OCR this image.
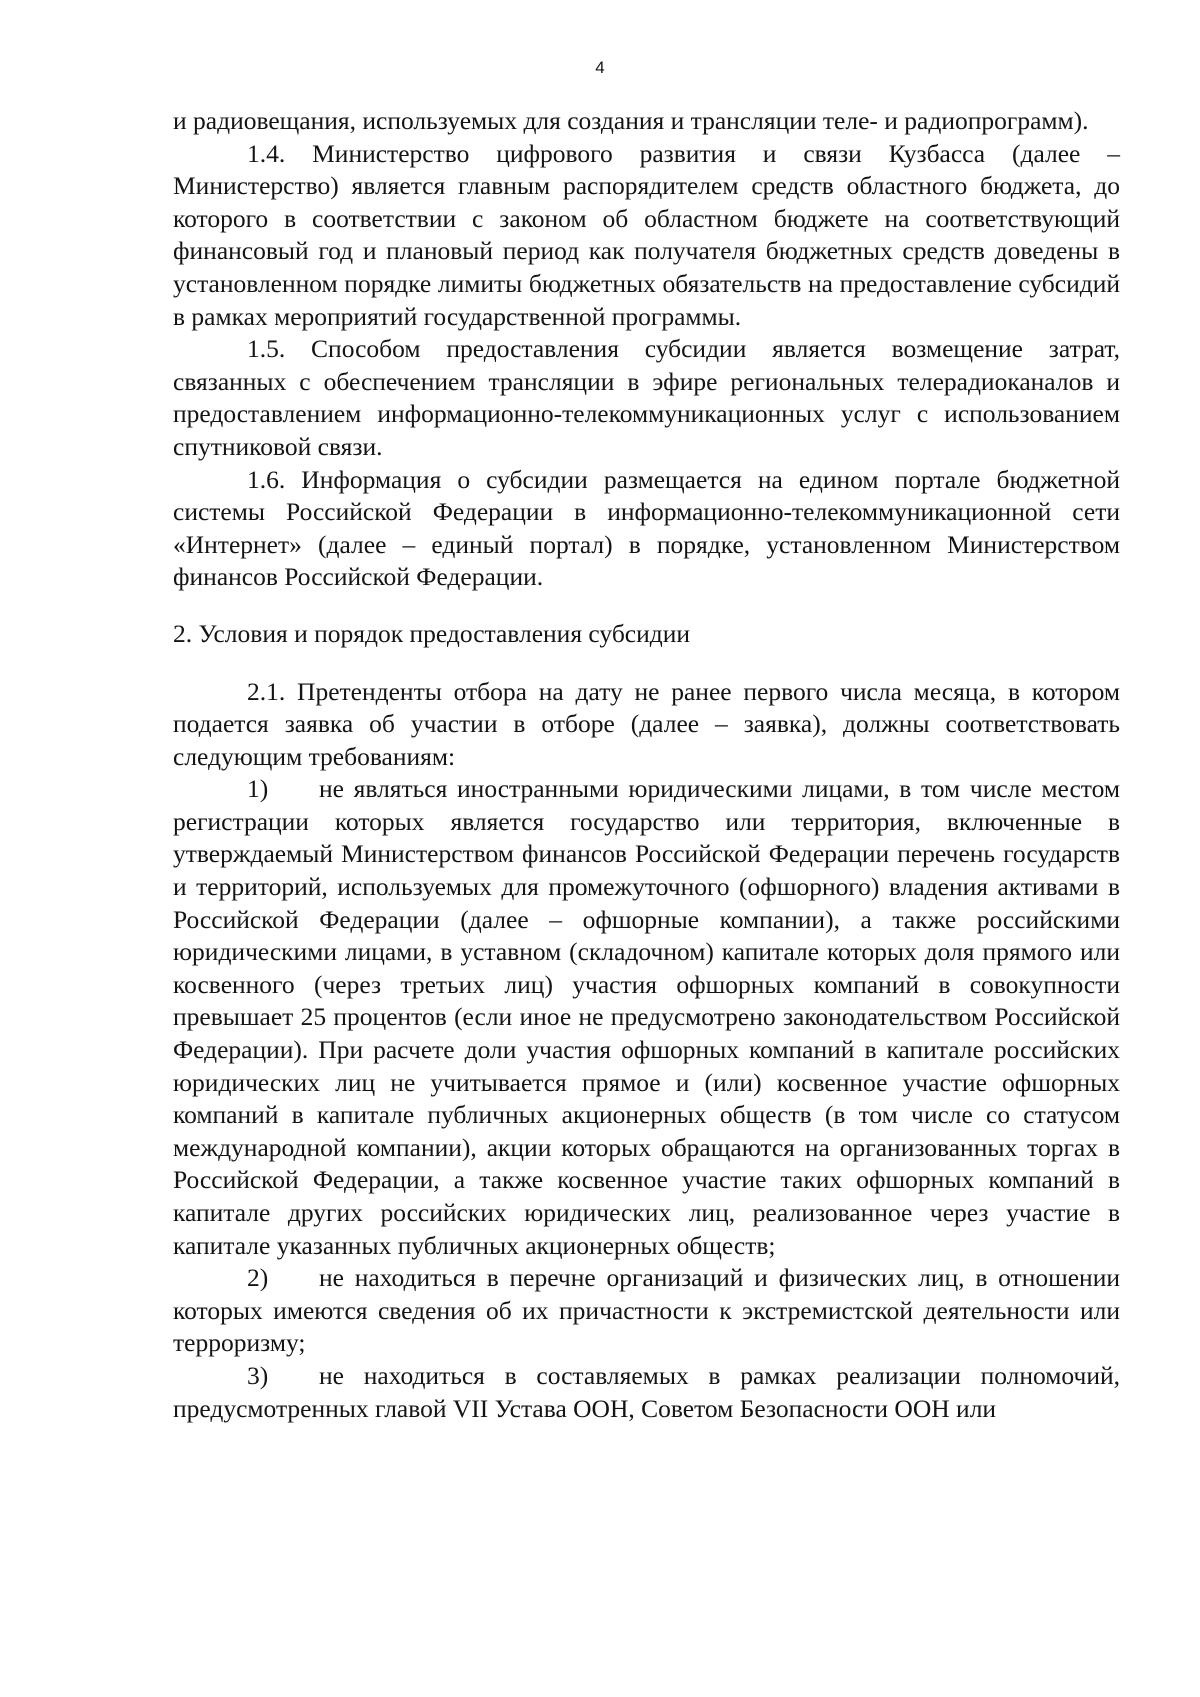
4

и радиовещания, используемых для создания и трансляции теле- и радиопрограмм).

1.4. Министерство цифрового развития и связи Кузбасса (далее – Министерство) является главным распорядителем средств областного бюджета, до которого в соответствии с законом об областном бюджете на соответствующий финансовый год и плановый период как получателя бюджетных средств доведены в установленном порядке лимиты бюджетных обязательств на предоставление субсидий в рамках мероприятий государственной программы.

1.5. Способом предоставления субсидии является возмещение затрат, связанных с обеспечением трансляции в эфире региональных телерадиоканалов и предоставлением информационно-телекоммуникационных услуг с использованием спутниковой связи.

1.6. Информация о субсидии размещается на едином портале бюджетной системы Российской Федерации в информационно-телекоммуникационной сети «Интернет» (далее – единый портал) в порядке, установленном Министерством финансов Российской Федерации.

2. Условия и порядок предоставления субсидии

2.1. Претенденты отбора на дату не ранее первого числа месяца, в котором подается заявка об участии в отборе (далее – заявка), должны соответствовать следующим требованиям:

1) не являться иностранными юридическими лицами, в том числе местом регистрации которых является государство или территория, включенные в утверждаемый Министерством финансов Российской Федерации перечень государств и территорий, используемых для промежуточного (офшорного) владения активами в Российской Федерации (далее – офшорные компании), а также российскими юридическими лицами, в уставном (складочном) капитале которых доля прямого или косвенного (через третьих лиц) участия офшорных компаний в совокупности превышает 25 процентов (если иное не предусмотрено законодательством Российской Федерации). При расчете доли участия офшорных компаний в капитале российских юридических лиц не учитывается прямое и (или) косвенное участие офшорных компаний в капитале публичных акционерных обществ (в том числе со статусом международной компании), акции которых обращаются на организованных торгах в Российской Федерации, а также косвенное участие таких офшорных компаний в капитале других российских юридических лиц, реализованное через участие в капитале указанных публичных акционерных обществ;

2) не находиться в перечне организаций и физических лиц, в отношении которых имеются сведения об их причастности к экстремистской деятельности или терроризму;

3) не находиться в составляемых в рамках реализации полномочий, предусмотренных главой VII Устава ООН, Советом Безопасности ООН или
